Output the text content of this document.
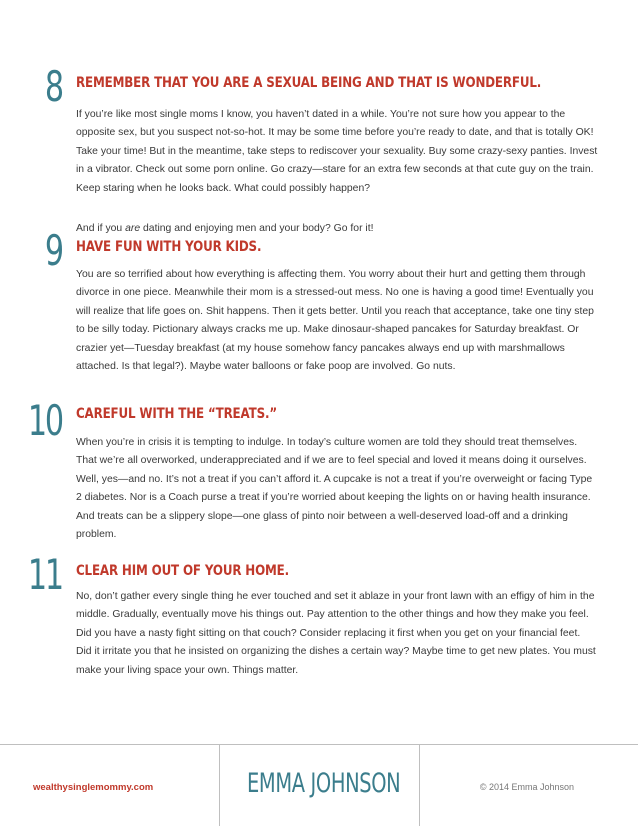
8 REMEMBER THAT YOU ARE A SEXUAL BEING AND THAT IS WONDERFUL.

If you’re like most single moms I know, you haven’t dated in a while. You’re not sure how you appear to the opposite sex, but you suspect not-so-hot. It may be some time before you’re ready to date, and that is totally OK! Take your time! But in the meantime, take steps to rediscover your sexuality. Buy some crazy-sexy panties. Invest in a vibrator. Check out some porn online. Go crazy—stare for an extra few seconds at that cute guy on the train. Keep staring when he looks back. What could possibly happen?

And if you are dating and enjoying men and your body? Go for it!

9 HAVE FUN WITH YOUR KIDS.

You are so terrified about how everything is affecting them. You worry about their hurt and getting them through divorce in one piece. Meanwhile their mom is a stressed-out mess. No one is having a good time! Eventually you will realize that life goes on. Shit happens. Then it gets better. Until you reach that acceptance, take one tiny step to be silly today. Pictionary always cracks me up. Make dinosaur-shaped pancakes for Saturday breakfast. Or crazier yet—Tuesday breakfast (at my house somehow fancy pancakes always end up with marshmallows attached. Is that legal?). Maybe water balloons or fake poop are involved. Go nuts.

10 CAREFUL WITH THE “TREATS.”

When you’re in crisis it is tempting to indulge. In today’s culture women are told they should treat themselves. That we’re all overworked, underappreciated and if we are to feel special and loved it means doing it ourselves. Well, yes—and no. It’s not a treat if you can’t afford it. A cupcake is not a treat if you’re overweight or facing Type 2 diabetes. Nor is a Coach purse a treat if you’re worried about keeping the lights on or having health insurance. And treats can be a slippery slope—one glass of pinto noir between a well-deserved load-off and a drinking problem.

11 CLEAR HIM OUT OF YOUR HOME.

No, don’t gather every single thing he ever touched and set it ablaze in your front lawn with an effigy of him in the middle. Gradually, eventually move his things out. Pay attention to the other things and how they make you feel. Did you have a nasty fight sitting on that couch? Consider replacing it first when you get on your financial feet. Did it irritate you that he insisted on organizing the dishes a certain way? Maybe time to get new plates. You must make your living space your own. Things matter.

wealthysinglemommy.com	EMMA JOHNSON	© 2014 Emma Johnson
